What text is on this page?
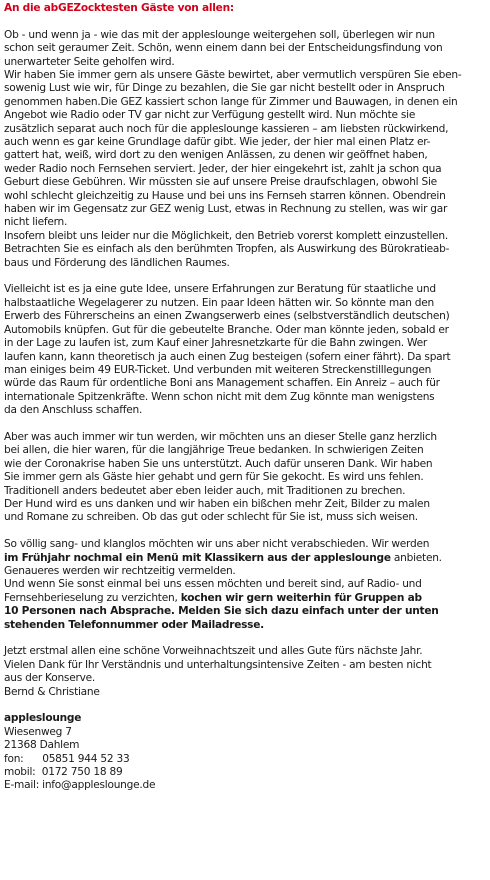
An die abGEZocktesten Gäste von allen:

Ob - und wenn ja - wie das mit der appleslounge weitergehen soll, überlegen wir nun
schon seit geraumer Zeit. Schön, wenn einem dann bei der Entscheidungsfindung von
unerwarteter Seite geholfen wird.
Wir haben Sie immer gern als unsere Gäste bewirtet, aber vermutlich verspüren Sie eben-
sowenig Lust wie wir, für Dinge zu bezahlen, die Sie gar nicht bestellt oder in Anspruch
genommen haben.Die GEZ kassiert schon lange für Zimmer und Bauwagen, in denen ein
Angebot wie Radio oder TV gar nicht zur Verfügung gestellt wird. Nun möchte sie
zusätzlich separat auch noch für die appleslounge kassieren – am liebsten rückwirkend,
auch wenn es gar keine Grundlage dafür gibt. Wie jeder, der hier mal einen Platz er-
gattert hat, weiß, wird dort zu den wenigen Anlässen, zu denen wir geöffnet haben,
weder Radio noch Fernsehen serviert. Jeder, der hier eingekehrt ist, zahlt ja schon qua
Geburt diese Gebühren. Wir müssten sie auf unsere Preise draufschlagen, obwohl Sie
wohl schlecht gleichzeitig zu Hause und bei uns ins Fernseh starren können. Obendrein
haben wir im Gegensatz zur GEZ wenig Lust, etwas in Rechnung zu stellen, was wir gar
nicht liefern.
Insofern bleibt uns leider nur die Möglichkeit, den Betrieb vorerst komplett einzustellen.
Betrachten Sie es einfach als den berühmten Tropfen, als Auswirkung des Bürokratieab-
baus und Förderung des ländlichen Raumes.
Vielleicht ist es ja eine gute Idee, unsere Erfahrungen zur Beratung für staatliche und
halbstaatliche Wegelagerer zu nutzen. Ein paar Ideen hätten wir. So könnte man den
Erwerb des Führerscheins an einen Zwangserwerb eines (selbstverständlich deutschen)
Automobils knüpfen. Gut für die gebeutelte Branche. Oder man könnte jeden, sobald er
in der Lage zu laufen ist, zum Kauf einer Jahresnetzkarte für die Bahn zwingen. Wer
laufen kann, kann theoretisch ja auch einen Zug besteigen (sofern einer fährt). Da spart
man einiges beim 49 EUR-Ticket. Und verbunden mit weiteren Streckenstilllegungen
würde das Raum für ordentliche Boni ans Management schaffen. Ein Anreiz – auch für
internationale Spitzenkräfte. Wenn schon nicht mit dem Zug könnte man wenigstens
da den Anschluss schaffen.
Aber was auch immer wir tun werden, wir möchten uns an dieser Stelle ganz herzlich
bei allen, die hier waren, für die langjährige Treue bedanken. In schwierigen Zeiten
wie der Coronakrise haben Sie uns unterstützt. Auch dafür unseren Dank. Wir haben
Sie immer gern als Gäste hier gehabt und gern für Sie gekocht. Es wird uns fehlen.
Traditionell anders bedeutet aber eben leider auch, mit Traditionen zu brechen.
Der Hund wird es uns danken und wir haben ein bißchen mehr Zeit, Bilder zu malen
und Romane zu schreiben. Ob das gut oder schlecht für Sie ist, muss sich weisen.
So völlig sang- und klanglos möchten wir uns aber nicht verabschieden. Wir werden
im Frühjahr nochmal ein Menü mit Klassikern aus der appleslounge anbieten.
Genaueres werden wir rechtzeitig vermelden.
Und wenn Sie sonst einmal bei uns essen möchten und bereit sind, auf Radio- und
Fernsehberieselung zu verzichten, kochen wir gern weiterhin für Gruppen ab
10 Personen nach Absprache. Melden Sie sich dazu einfach unter der unten
stehenden Telefonnummer oder Mailadresse.
Jetzt erstmal allen eine schöne Vorweihnachtszeit und alles Gute fürs nächste Jahr.
Vielen Dank für Ihr Verständnis und unterhaltungsintensive Zeiten - am besten nicht
aus der Konserve.
Bernd & Christiane
appleslounge
Wiesenweg 7
21368 Dahlem
fon:      05851 944 52 33
mobil:  0172 750 18 89
E-mail: info@appleslounge.de
